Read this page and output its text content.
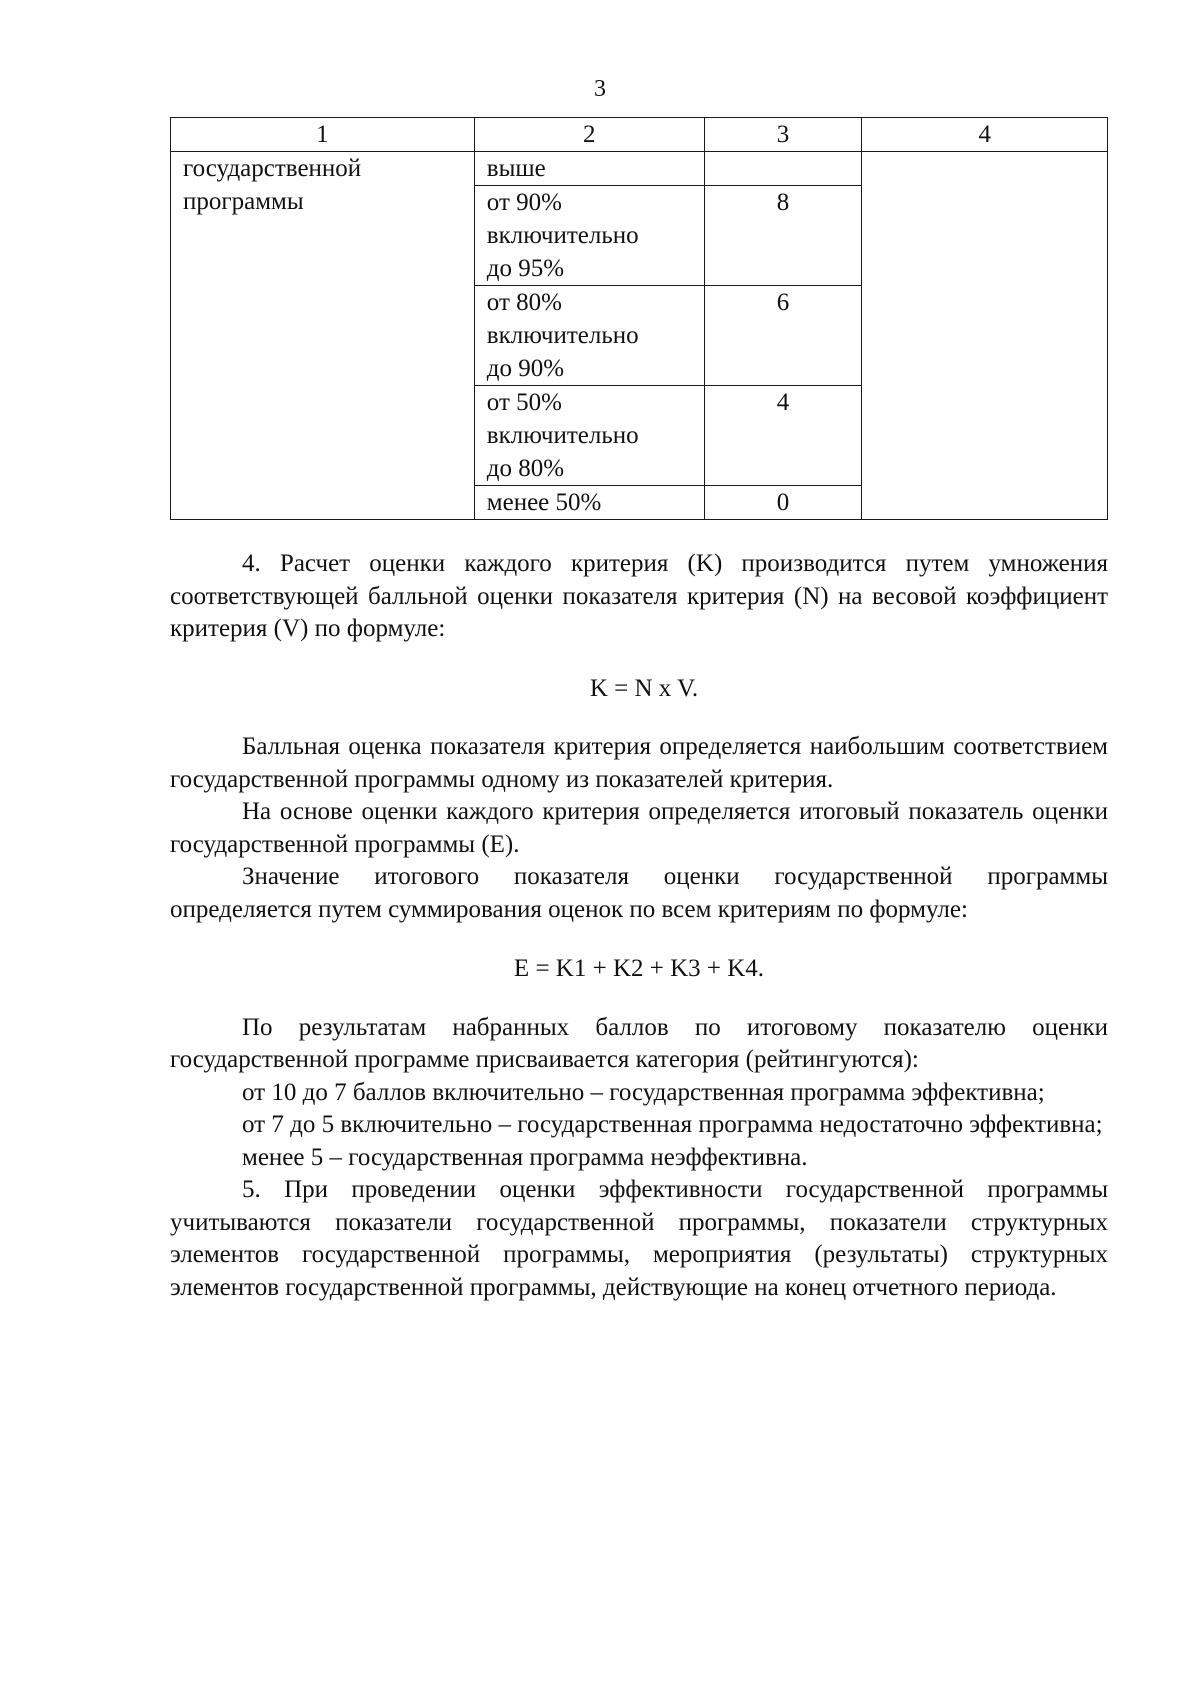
3
1	2	3	4

государственной
программы	выше		

	от 90%
включительно
до 95%	8	

	от 80%
включительно
до 90%	6	

	от 50%
включительно
до 80%	4	

	менее 50%	0	

4. Расчет оценки каждого критерия (K) производится путем умножения соответствующей балльной оценки показателя критерия (N) на весовой коэффициент критерия (V) по формуле:

K = N x V.

Балльная оценка показателя критерия определяется наибольшим соответствием государственной программы одному из показателей критерия.

На основе оценки каждого критерия определяется итоговый показатель оценки государственной программы (E).

Значение итогового показателя оценки государственной программы определяется путем суммирования оценок по всем критериям по формуле:

E = K1 + K2 + K3 + K4.

По результатам набранных баллов по итоговому показателю оценки государственной программе присваивается категория (рейтингуются):

от 10 до 7 баллов включительно – государственная программа эффективна;

от 7 до 5 включительно – государственная программа недостаточно эффективна;

менее 5 – государственная программа неэффективна.

5. При проведении оценки эффективности государственной программы учитываются показатели государственной программы, показатели структурных элементов государственной программы, мероприятия (результаты) структурных элементов государственной программы, действующие на конец отчетного периода.
